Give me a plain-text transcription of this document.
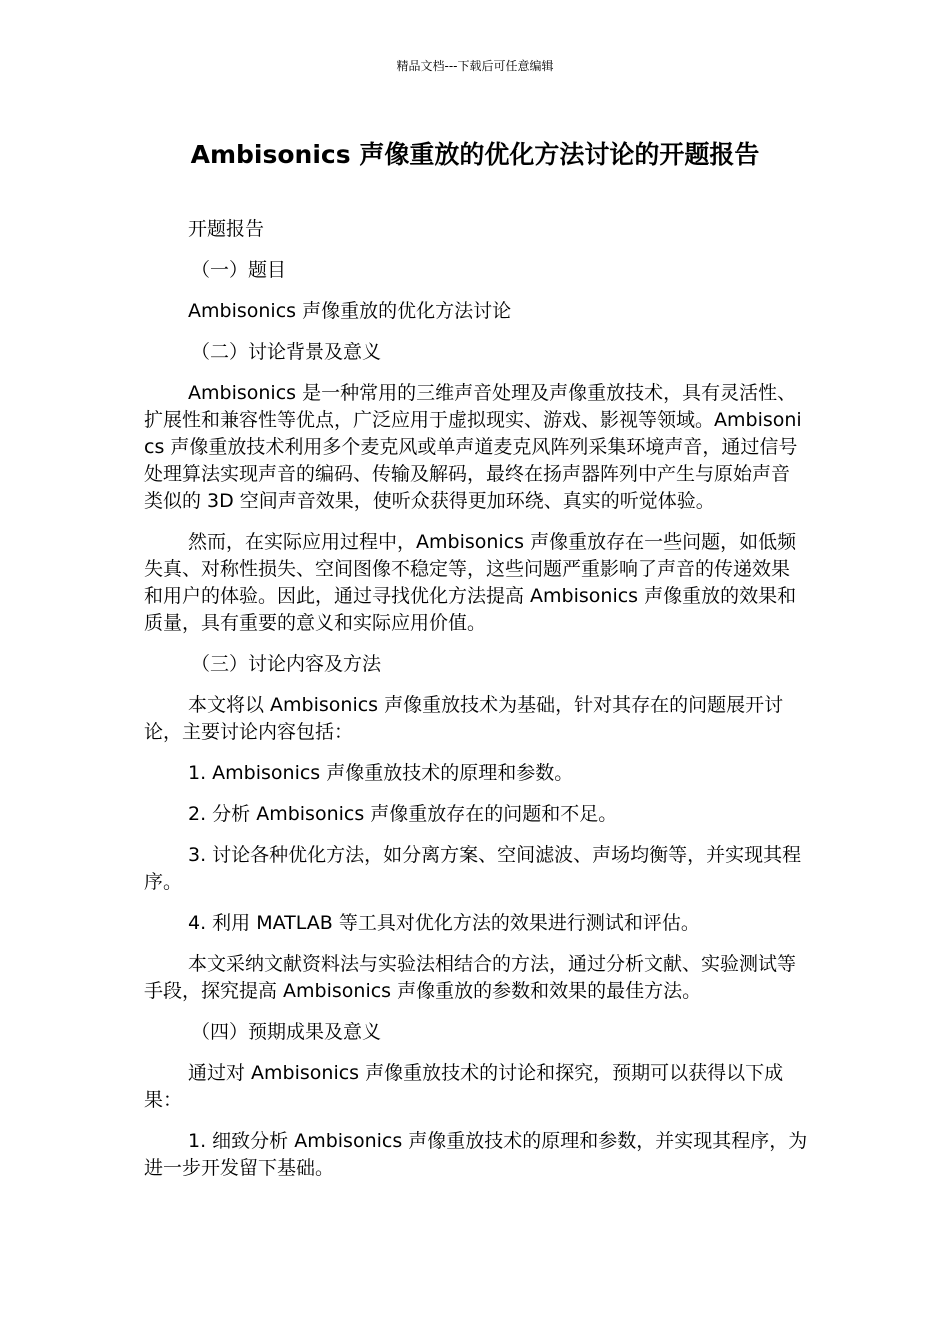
精品文档---下载后可任意编辑
Ambisonics 声像重放的优化方法讨论的开题报告

开题报告

（一）题目

Ambisonics 声像重放的优化方法讨论

（二）讨论背景及意义

Ambisonics 是一种常用的三维声音处理及声像重放技术，具有灵活性、扩展性和兼容性等优点，广泛应用于虚拟现实、游戏、影视等领域。Ambisonics 声像重放技术利用多个麦克风或单声道麦克风阵列采集环境声音，通过信号处理算法实现声音的编码、传输及解码，最终在扬声器阵列中产生与原始声音类似的 3D 空间声音效果，使听众获得更加环绕、真实的听觉体验。

然而，在实际应用过程中，Ambisonics 声像重放存在一些问题，如低频失真、对称性损失、空间图像不稳定等，这些问题严重影响了声音的传递效果和用户的体验。因此，通过寻找优化方法提高 Ambisonics 声像重放的效果和质量，具有重要的意义和实际应用价值。

（三）讨论内容及方法

本文将以 Ambisonics 声像重放技术为基础，针对其存在的问题展开讨论，主要讨论内容包括：

1. Ambisonics 声像重放技术的原理和参数。

2. 分析 Ambisonics 声像重放存在的问题和不足。

3. 讨论各种优化方法，如分离方案、空间滤波、声场均衡等，并实现其程序。

4. 利用 MATLAB 等工具对优化方法的效果进行测试和评估。

本文采纳文献资料法与实验法相结合的方法，通过分析文献、实验测试等手段，探究提高 Ambisonics 声像重放的参数和效果的最佳方法。

（四）预期成果及意义

通过对 Ambisonics 声像重放技术的讨论和探究，预期可以获得以下成果：

1. 细致分析 Ambisonics 声像重放技术的原理和参数，并实现其程序，为进一步开发留下基础。
